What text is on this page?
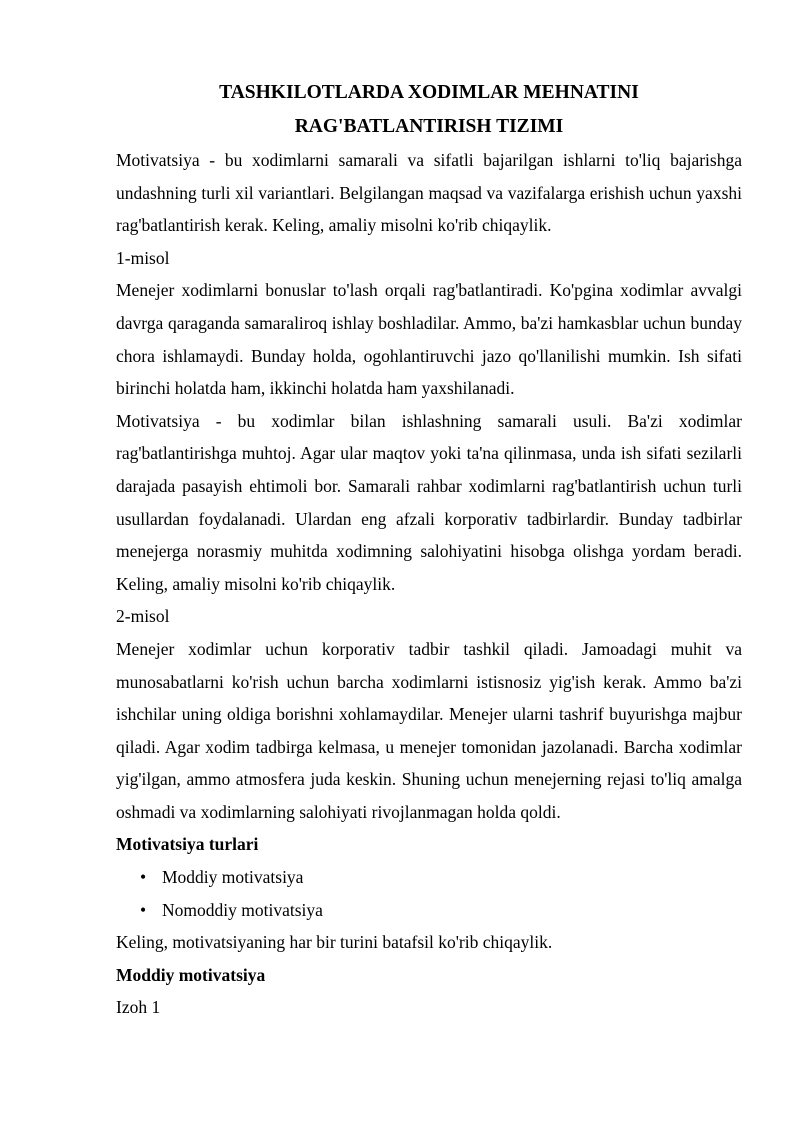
TASHKILOTLARDA XODIMLAR MEHNATINI
RAG'BATLANTIRISH TIZIMI

Motivatsiya - bu xodimlarni samarali va sifatli bajarilgan ishlarni to'liq bajarishga undashning turli xil variantlari. Belgilangan maqsad va vazifalarga erishish uchun yaxshi rag'batlantirish kerak. Keling, amaliy misolni ko'rib chiqaylik.

1-misol

Menejer xodimlarni bonuslar to'lash orqali rag'batlantiradi. Ko'pgina xodimlar avvalgi davrga qaraganda samaraliroq ishlay boshladilar. Ammo, ba'zi hamkasblar uchun bunday chora ishlamaydi. Bunday holda, ogohlantiruvchi jazo qo'llanilishi mumkin. Ish sifati birinchi holatda ham, ikkinchi holatda ham yaxshilanadi.

Motivatsiya - bu xodimlar bilan ishlashning samarali usuli. Ba'zi xodimlar rag'batlantirishga muhtoj. Agar ular maqtov yoki ta'na qilinmasa, unda ish sifati sezilarli darajada pasayish ehtimoli bor. Samarali rahbar xodimlarni rag'batlantirish uchun turli usullardan foydalanadi. Ulardan eng afzali korporativ tadbirlardir. Bunday tadbirlar menejerga norasmiy muhitda xodimning salohiyatini hisobga olishga yordam beradi. Keling, amaliy misolni ko'rib chiqaylik.

2-misol

Menejer xodimlar uchun korporativ tadbir tashkil qiladi. Jamoadagi muhit va munosabatlarni ko'rish uchun barcha xodimlarni istisnosiz yig'ish kerak. Ammo ba'zi ishchilar uning oldiga borishni xohlamaydilar. Menejer ularni tashrif buyurishga majbur qiladi. Agar xodim tadbirga kelmasa, u menejer tomonidan jazolanadi. Barcha xodimlar yig'ilgan, ammo atmosfera juda keskin. Shuning uchun menejerning rejasi to'liq amalga oshmadi va xodimlarning salohiyati rivojlanmagan holda qoldi.

Motivatsiya turlari

• Moddiy motivatsiya
• Nomoddiy motivatsiya

Keling, motivatsiyaning har bir turini batafsil ko'rib chiqaylik.

Moddiy motivatsiya

Izoh 1
